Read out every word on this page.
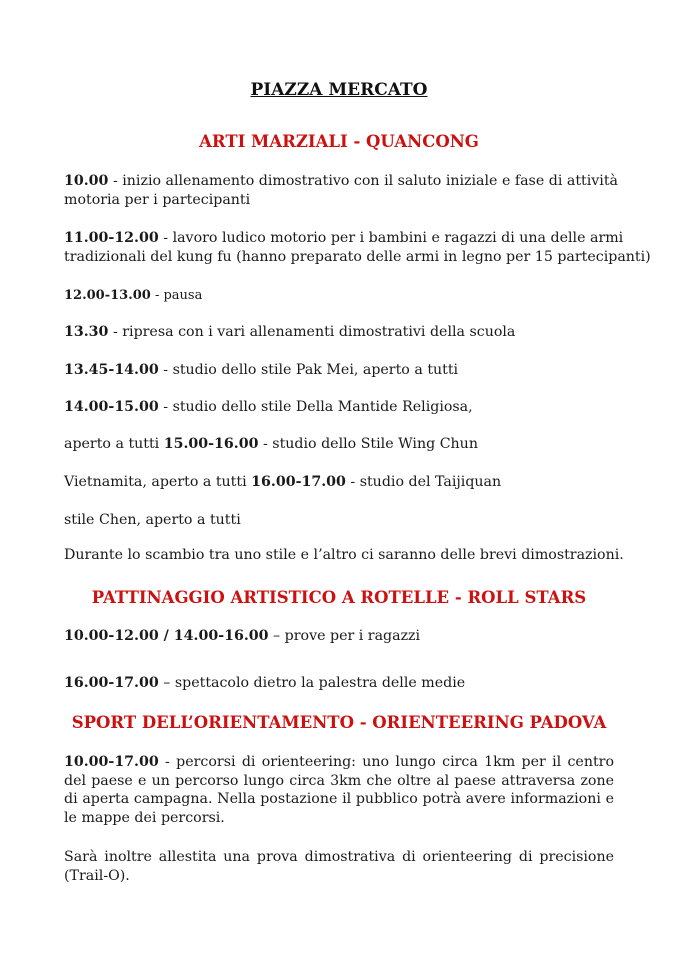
PIAZZA MERCATO
ARTI MARZIALI - QUANCONG
10.00 - inizio allenamento dimostrativo con il saluto iniziale e fase di attività
motoria per i partecipanti
11.00-12.00 - lavoro ludico motorio per i bambini e ragazzi di una delle armi
tradizionali del kung fu (hanno preparato delle armi in legno per 15 partecipanti)
12.00-13.00 - pausa
13.30 - ripresa con i vari allenamenti dimostrativi della scuola
13.45-14.00 - studio dello stile Pak Mei, aperto a tutti
14.00-15.00 - studio dello stile Della Mantide Religiosa,
aperto a tutti 15.00-16.00 - studio dello Stile Wing Chun
Vietnamita, aperto a tutti 16.00-17.00 - studio del Taijiquan
stile Chen, aperto a tutti
Durante lo scambio tra uno stile e l’altro ci saranno delle brevi dimostrazioni.
PATTINAGGIO ARTISTICO A ROTELLE - ROLL STARS
10.00-12.00 / 14.00-16.00 – prove per i ragazzi
16.00-17.00 – spettacolo dietro la palestra delle medie
SPORT DELL’ORIENTAMENTO - ORIENTEERING PADOVA
10.00-17.00 - percorsi di orienteering: uno lungo circa 1km per il centro del paese e un percorso lungo circa 3km che oltre al paese attraversa zone di aperta campagna. Nella postazione il pubblico potrà avere informazioni e le mappe dei percorsi.
Sarà inoltre allestita una prova dimostrativa di orienteering di precisione (Trail-O).
